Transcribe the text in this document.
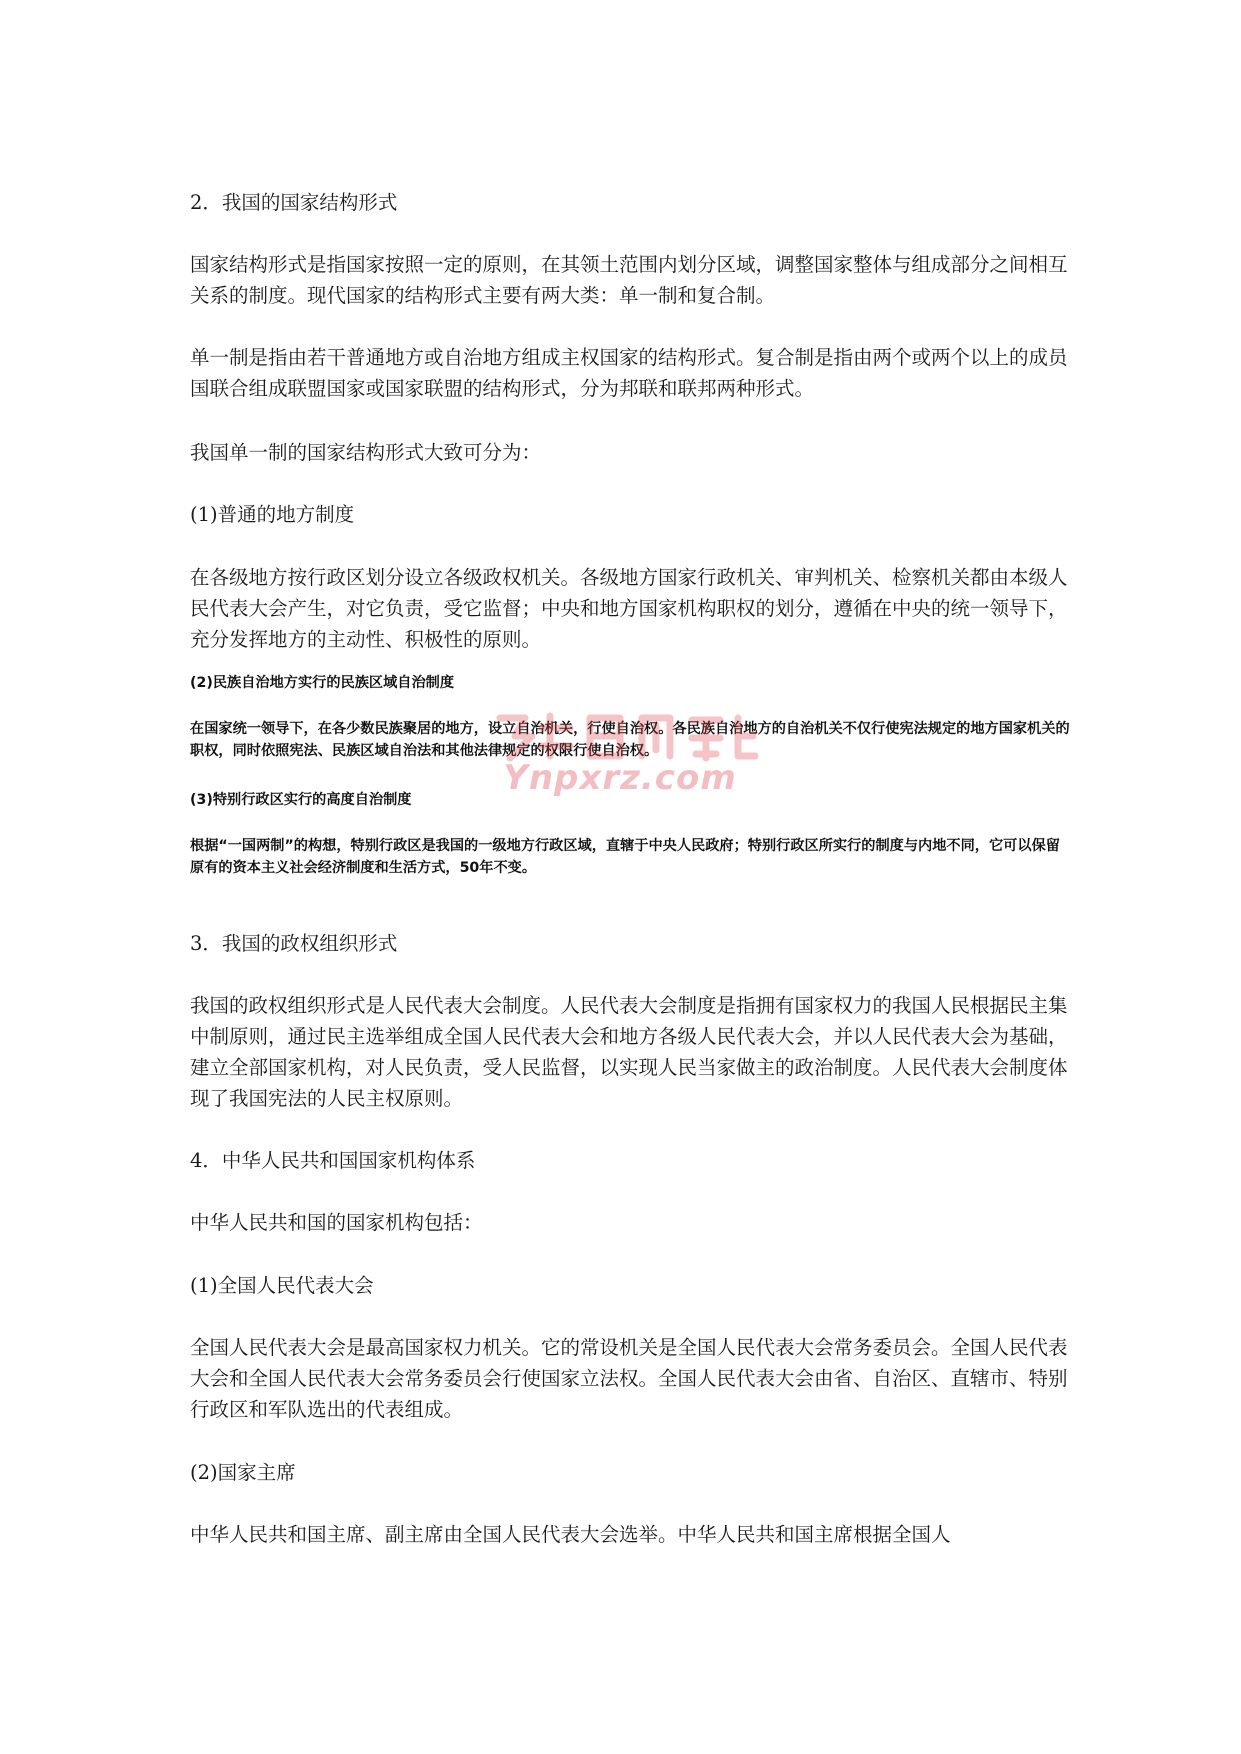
2．我国的国家结构形式

国家结构形式是指国家按照一定的原则，在其领土范围内划分区域，调整国家整体与组成部分之间相互关系的制度。现代国家的结构形式主要有两大类：单一制和复合制。

单一制是指由若干普通地方或自治地方组成主权国家的结构形式。复合制是指由两个或两个以上的成员国联合组成联盟国家或国家联盟的结构形式，分为邦联和联邦两种形式。

我国单一制的国家结构形式大致可分为：

(1)普通的地方制度

在各级地方按行政区划分设立各级政权机关。各级地方国家行政机关、审判机关、检察机关都由本级人民代表大会产生，对它负责，受它监督；中央和地方国家机构职权的划分，遵循在中央的统一领导下，充分发挥地方的主动性、积极性的原则。

(2)民族自治地方实行的民族区域自治制度
在国家统一领导下，在各少数民族聚居的地方，设立自治机关，行使自治权。各民族自治地方的自治机关不仅行使宪法规定的地方国家机关的职权，同时依照宪法、民族区域自治法和其他法律规定的权限行使自治权。
(3)特别行政区实行的高度自治制度
根据“一国两制”的构想，特别行政区是我国的一级地方行政区域，直辖于中央人民政府；特别行政区所实行的制度与内地不同，它可以保留原有的资本主义社会经济制度和生活方式，50年不变。
Ynpxrz.com

3．我国的政权组织形式

我国的政权组织形式是人民代表大会制度。人民代表大会制度是指拥有国家权力的我国人民根据民主集中制原则，通过民主选举组成全国人民代表大会和地方各级人民代表大会，并以人民代表大会为基础，建立全部国家机构，对人民负责，受人民监督，以实现人民当家做主的政治制度。人民代表大会制度体现了我国宪法的人民主权原则。

4．中华人民共和国国家机构体系

中华人民共和国的国家机构包括：

(1)全国人民代表大会

全国人民代表大会是最高国家权力机关。它的常设机关是全国人民代表大会常务委员会。全国人民代表大会和全国人民代表大会常务委员会行使国家立法权。全国人民代表大会由省、自治区、直辖市、特别行政区和军队选出的代表组成。

(2)国家主席

中华人民共和国主席、副主席由全国人民代表大会选举。中华人民共和国主席根据全国人
